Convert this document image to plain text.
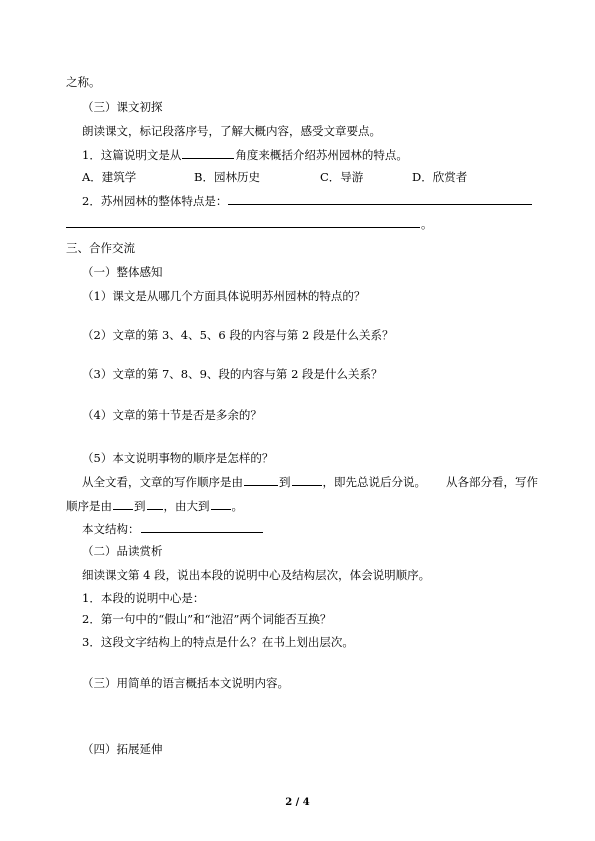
之称。
（三）课文初探
朗读课文，标记段落序号，了解大概内容，感受文章要点。
1．这篇说明文是从	角度来概括介绍苏州园林的特点。
A．建筑学	B．园林历史	C．导游	D．欣赏者
2．苏州园林的整体特点是：
。
三、合作交流
（一）整体感知
（1）课文是从哪几个方面具体说明苏州园林的特点的？
（2）文章的第 3、4、5、6 段的内容与第 2 段是什么关系？
（3）文章的第 7、8、9、段的内容与第 2 段是什么关系？
（4）文章的第十节是否是多余的？
（5）本文说明事物的顺序是怎样的？
从全文看，文章的写作顺序是由	到	，即先总说后分说。 从各部分看，写作
顺序是由 到 ，由大到 。
本文结构：
（二）品读赏析
细读课文第 4 段，说出本段的说明中心及结构层次，体会说明顺序。
1．本段的说明中心是：
2．第一句中的“假山”和“池沼”两个词能否互换？
3．这段文字结构上的特点是什么？在书上划出层次。
（三）用简单的语言概括本文说明内容。
（四）拓展延伸
2 / 4
